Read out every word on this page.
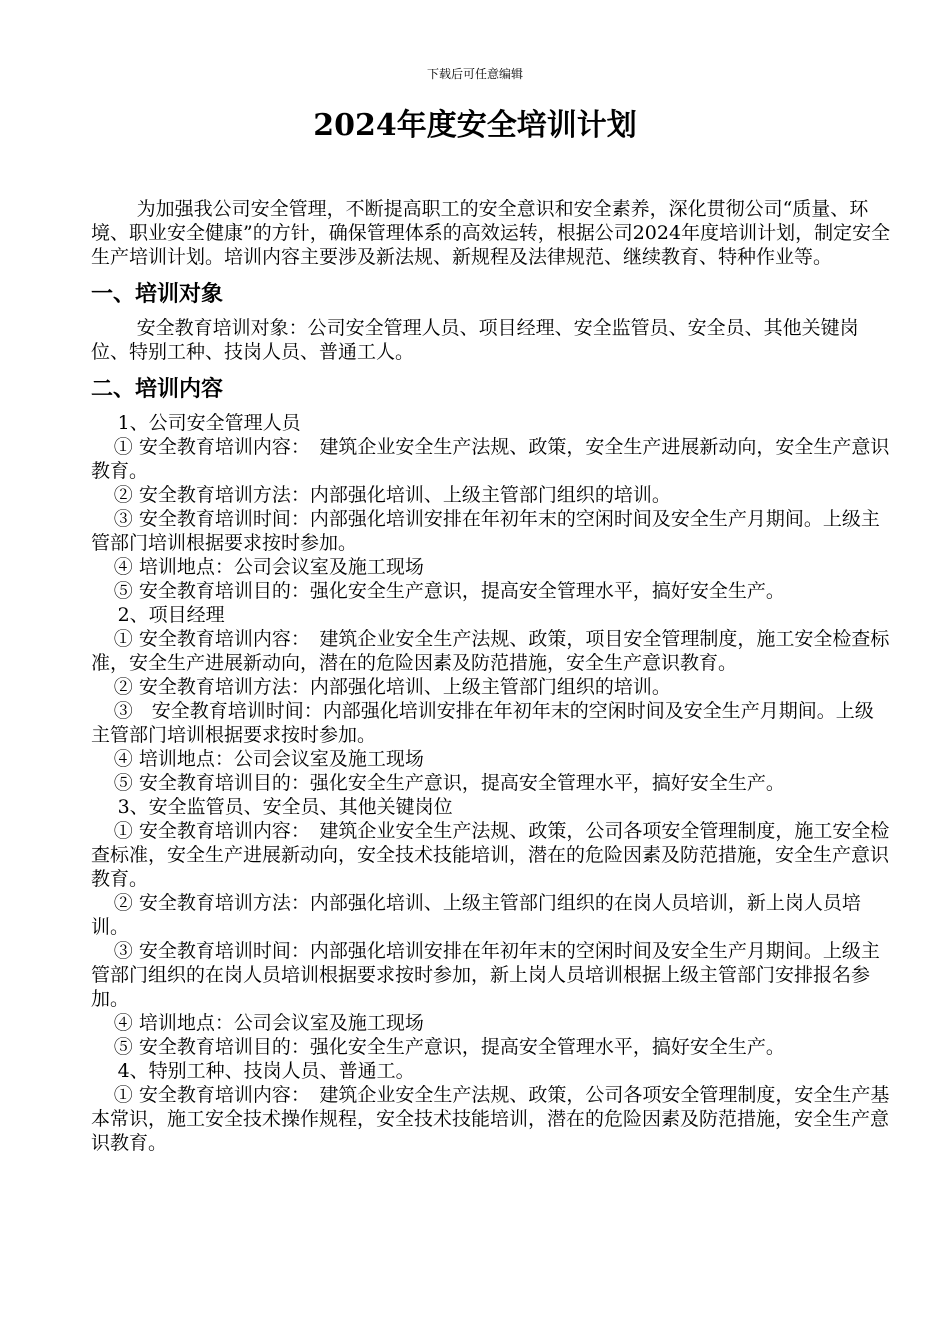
下载后可任意编辑
2024年度安全培训计划

为加强我公司安全管理，不断提高职工的安全意识和安全素养，深化贯彻公司“质量、环境、职业安全健康”的方针，确保管理体系的高效运转，根据公司2024年度培训计划，制定安全生产培训计划。培训内容主要涉及新法规、新规程及法律规范、继续教育、特种作业等。

一、培训对象

安全教育培训对象：公司安全管理人员、项目经理、安全监管员、安全员、其他关键岗位、特别工种、技岗人员、普通工人。

二、培训内容

1、公司安全管理人员

① 安全教育培训内容：　建筑企业安全生产法规、政策，安全生产进展新动向，安全生产意识教育。

② 安全教育培训方法：内部强化培训、上级主管部门组织的培训。

③ 安全教育培训时间：内部强化培训安排在年初年末的空闲时间及安全生产月期间。上级主管部门培训根据要求按时参加。

④ 培训地点：公司会议室及施工现场

⑤ 安全教育培训目的：强化安全生产意识，提高安全管理水平，搞好安全生产。

2、项目经理

① 安全教育培训内容：　建筑企业安全生产法规、政策，项目安全管理制度，施工安全检查标准，安全生产进展新动向，潜在的危险因素及防范措施，安全生产意识教育。

② 安全教育培训方法：内部强化培训、上级主管部门组织的培训。

③　安全教育培训时间：内部强化培训安排在年初年末的空闲时间及安全生产月期间。上级主管部门培训根据要求按时参加。

④ 培训地点：公司会议室及施工现场

⑤ 安全教育培训目的：强化安全生产意识，提高安全管理水平，搞好安全生产。

3、安全监管员、安全员、其他关键岗位

① 安全教育培训内容：　建筑企业安全生产法规、政策，公司各项安全管理制度，施工安全检查标准，安全生产进展新动向，安全技术技能培训，潜在的危险因素及防范措施，安全生产意识教育。

② 安全教育培训方法：内部强化培训、上级主管部门组织的在岗人员培训，新上岗人员培训。

③ 安全教育培训时间：内部强化培训安排在年初年末的空闲时间及安全生产月期间。上级主管部门组织的在岗人员培训根据要求按时参加，新上岗人员培训根据上级主管部门安排报名参加。

④ 培训地点：公司会议室及施工现场

⑤ 安全教育培训目的：强化安全生产意识，提高安全管理水平，搞好安全生产。

4、特别工种、技岗人员、普通工。

① 安全教育培训内容：　建筑企业安全生产法规、政策，公司各项安全管理制度，安全生产基本常识，施工安全技术操作规程，安全技术技能培训，潜在的危险因素及防范措施，安全生产意识教育。
